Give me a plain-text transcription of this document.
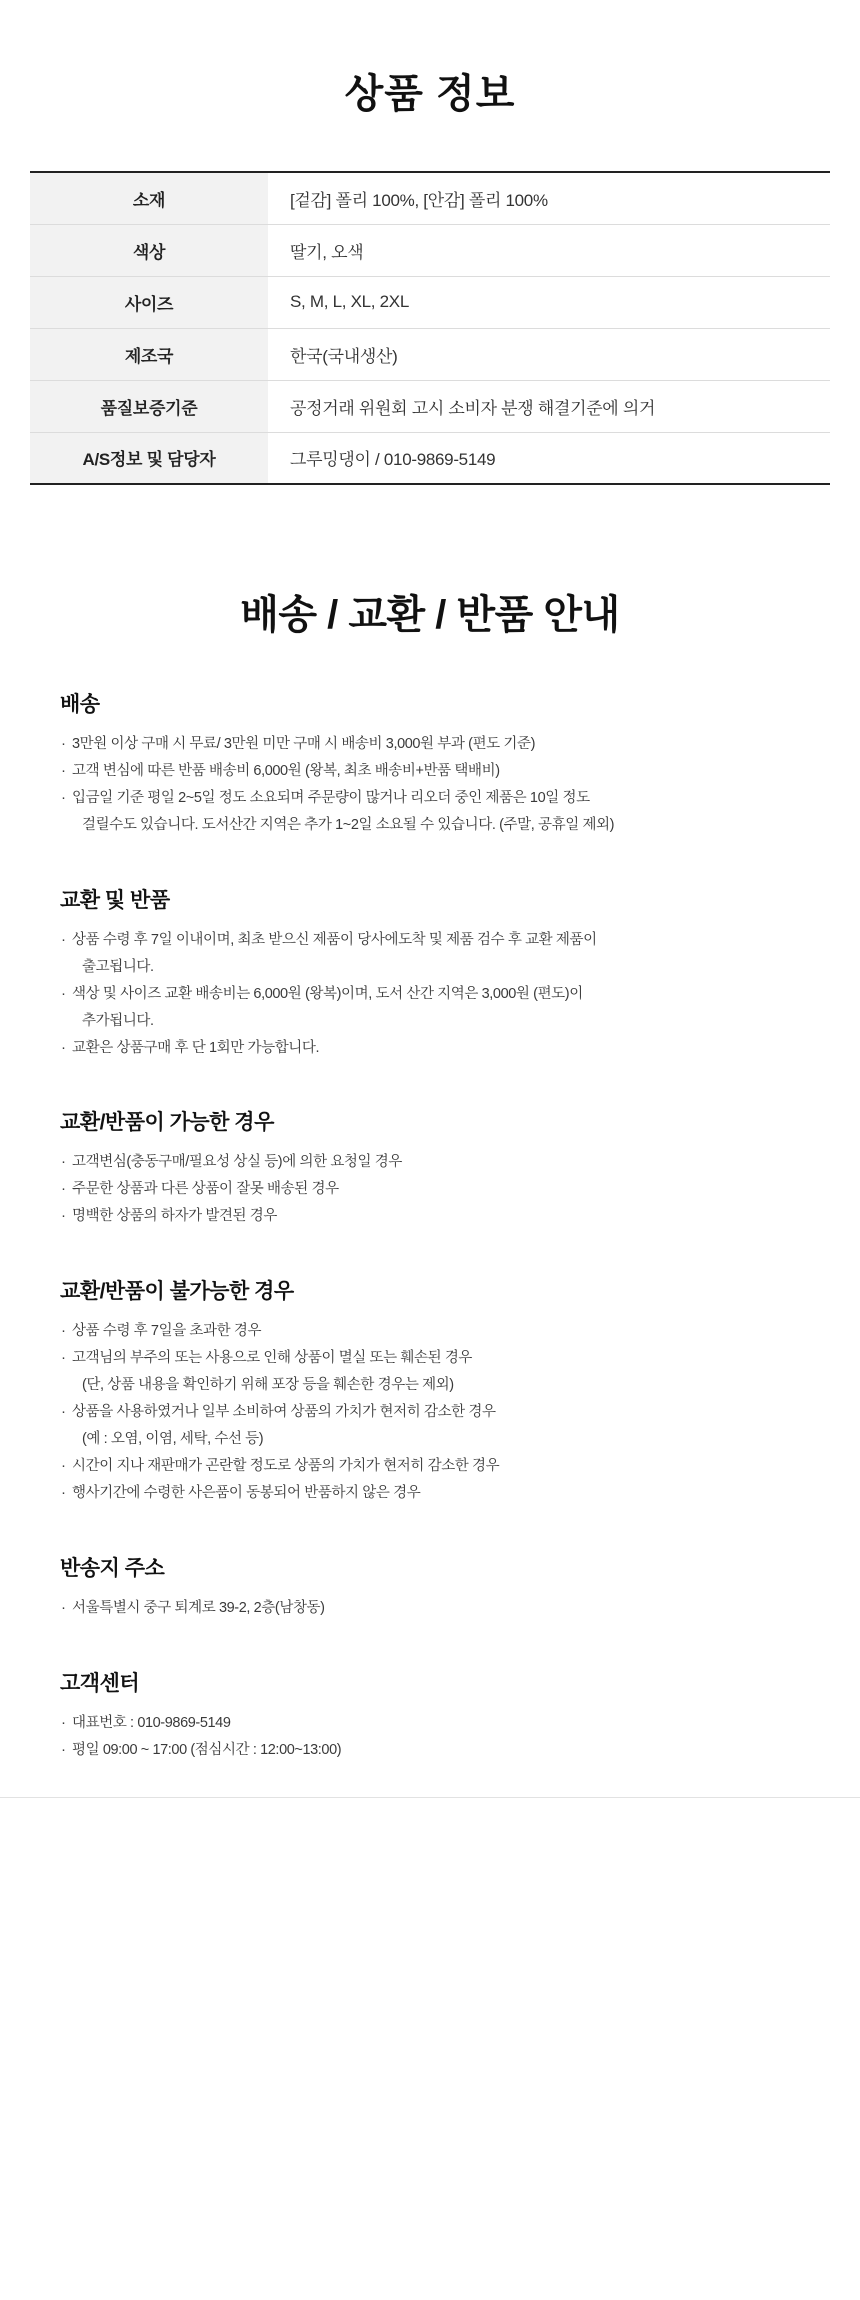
상품 정보
소재	[겉감] 폴리 100%, [안감] 폴리 100%
색상	딸기, 오색
사이즈	S, M, L, XL, 2XL
제조국	한국(국내생산)
품질보증기준	공정거래 위원회 고시 소비자 분쟁 해결기준에 의거
A/S정보 및 담당자	그루밍댕이 / 010-9869-5149
배송 / 교환 / 반품 안내
배송
· 3만원 이상 구매 시 무료/ 3만원 미만 구매 시 배송비 3,000원 부과 (편도 기준)
· 고객 변심에 따른 반품 배송비 6,000원 (왕복, 최초 배송비+반품 택배비)
· 입금일 기준 평일 2~5일 정도 소요되며 주문량이 많거나 리오더 중인 제품은 10일 정도
걸릴수도 있습니다. 도서산간 지역은 추가 1~2일 소요될 수 있습니다. (주말, 공휴일 제외)
교환 및 반품
· 상품 수령 후 7일 이내이며, 최초 받으신 제품이 당사에도착 및 제품 검수 후 교환 제품이
출고됩니다.
· 색상 및 사이즈 교환 배송비는 6,000원 (왕복)이며, 도서 산간 지역은 3,000원 (편도)이
추가됩니다.
· 교환은 상품구매 후 단 1회만 가능합니다.
교환/반품이 가능한 경우
· 고객변심(충동구매/필요성 상실 등)에 의한 요청일 경우
· 주문한 상품과 다른 상품이 잘못 배송된 경우
· 명백한 상품의 하자가 발견된 경우
교환/반품이 불가능한 경우
· 상품 수령 후 7일을 초과한 경우
· 고객님의 부주의 또는 사용으로 인해 상품이 멸실 또는 훼손된 경우
(단, 상품 내용을 확인하기 위해 포장 등을 훼손한 경우는 제외)
· 상품을 사용하였거나 일부 소비하여 상품의 가치가 현저히 감소한 경우
(예 : 오염, 이염, 세탁, 수선 등)
· 시간이 지나 재판매가 곤란할 정도로 상품의 가치가 현저히 감소한 경우
· 행사기간에 수령한 사은품이 동봉되어 반품하지 않은 경우
반송지 주소
· 서울특별시 중구 퇴계로 39-2, 2층(남창동)
고객센터
· 대표번호 : 010-9869-5149
· 평일 09:00 ~ 17:00 (점심시간 : 12:00~13:00)
